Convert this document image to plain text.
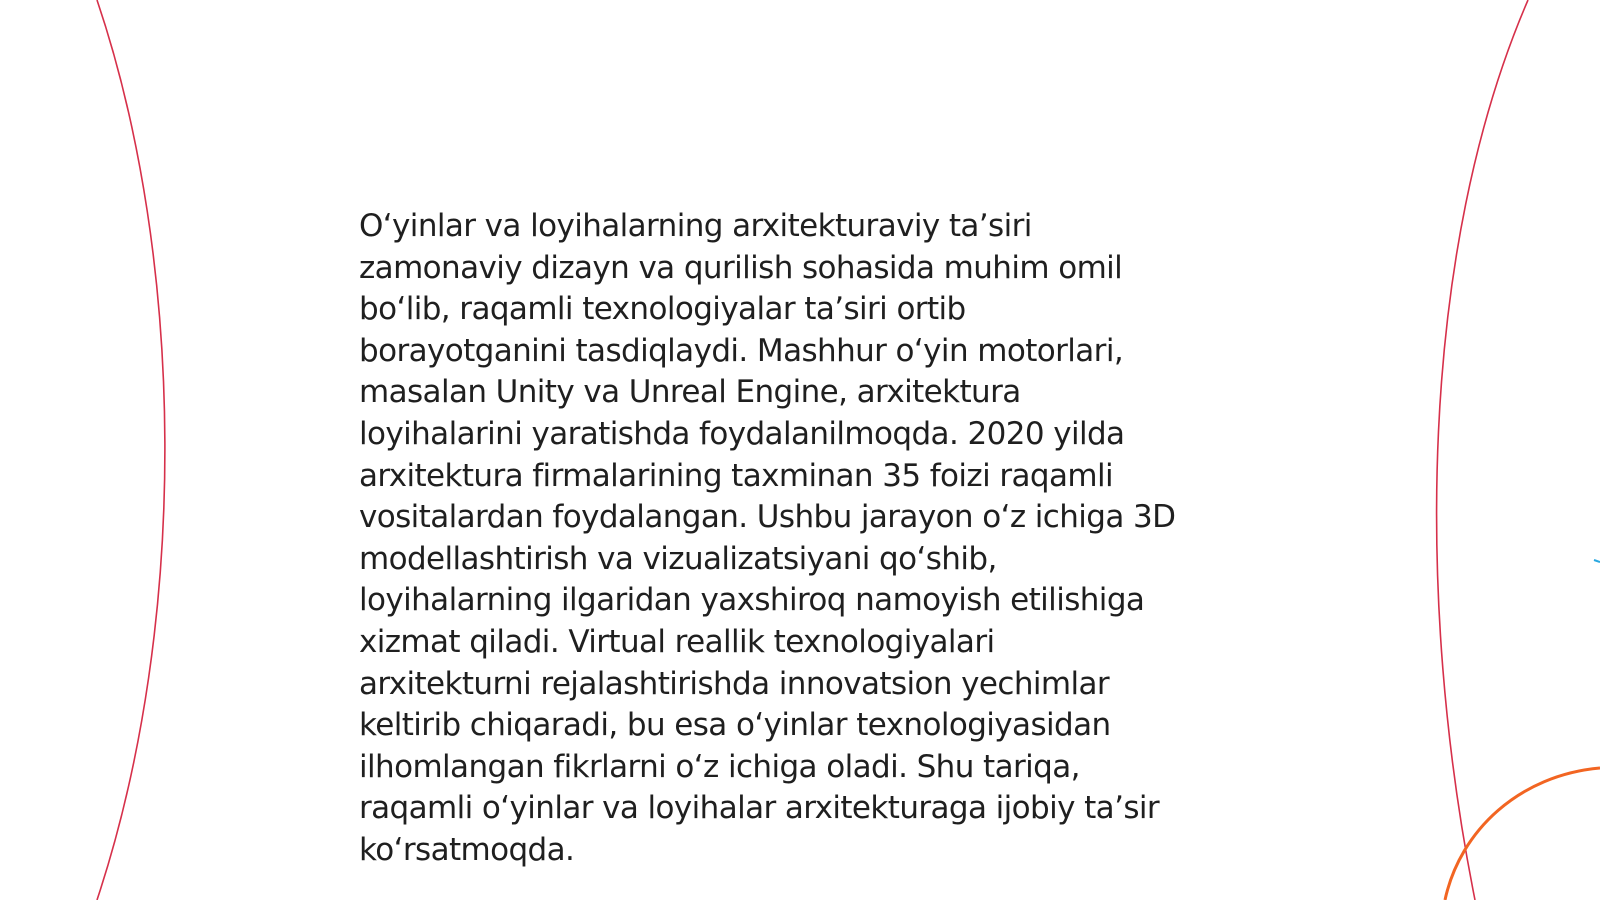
O‘yinlar va loyihalarning arxitekturaviy ta’siri
zamonaviy dizayn va qurilish sohasida muhim omil
bo‘lib, raqamli texnologiyalar ta’siri ortib
borayotganini tasdiqlaydi. Mashhur o‘yin motorlari,
masalan Unity va Unreal Engine, arxitektura
loyihalarini yaratishda foydalanilmoqda. 2020 yilda
arxitektura firmalarining taxminan 35 foizi raqamli
vositalardan foydalangan. Ushbu jarayon o‘z ichiga 3D
modellashtirish va vizualizatsiyani qo‘shib,
loyihalarning ilgaridan yaxshiroq namoyish etilishiga
xizmat qiladi. Virtual reallik texnologiyalari
arxitekturni rejalashtirishda innovatsion yechimlar
keltirib chiqaradi, bu esa o‘yinlar texnologiyasidan
ilhomlangan fikrlarni o‘z ichiga oladi. Shu tariqa,
raqamli o‘yinlar va loyihalar arxitekturaga ijobiy ta’sir
ko‘rsatmoqda.
